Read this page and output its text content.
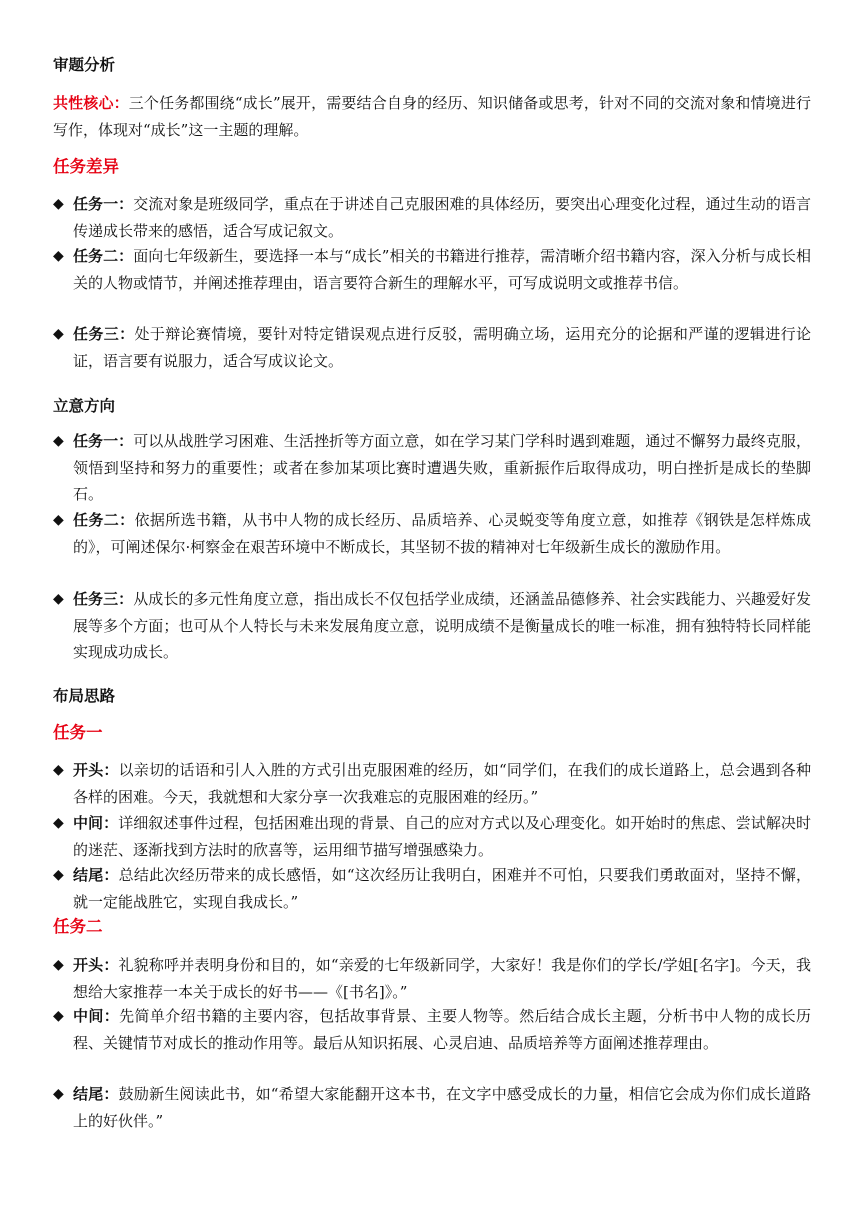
审题分析
共性核心：三个任务都围绕“成长”展开，需要结合自身的经历、知识储备或思考，针对不同的交流对象和情境进行写作，体现对“成长”这一主题的理解。
任务差异
◆ 任务一：交流对象是班级同学，重点在于讲述自己克服困难的具体经历，要突出心理变化过程，通过生动的语言传递成长带来的感悟，适合写成记叙文。
◆ 任务二：面向七年级新生，要选择一本与“成长”相关的书籍进行推荐，需清晰介绍书籍内容，深入分析与成长相关的人物或情节，并阐述推荐理由，语言要符合新生的理解水平，可写成说明文或推荐书信。
◆ 任务三：处于辩论赛情境，要针对特定错误观点进行反驳，需明确立场，运用充分的论据和严谨的逻辑进行论证，语言要有说服力，适合写成议论文。
立意方向
◆ 任务一：可以从战胜学习困难、生活挫折等方面立意，如在学习某门学科时遇到难题，通过不懈努力最终克服，领悟到坚持和努力的重要性；或者在参加某项比赛时遭遇失败，重新振作后取得成功，明白挫折是成长的垫脚石。
◆ 任务二：依据所选书籍，从书中人物的成长经历、品质培养、心灵蜕变等角度立意，如推荐《钢铁是怎样炼成的》，可阐述保尔·柯察金在艰苦环境中不断成长，其坚韧不拔的精神对七年级新生成长的激励作用。
◆ 任务三：从成长的多元性角度立意，指出成长不仅包括学业成绩，还涵盖品德修养、社会实践能力、兴趣爱好发展等多个方面；也可从个人特长与未来发展角度立意，说明成绩不是衡量成长的唯一标准，拥有独特特长同样能实现成功成长。
布局思路
任务一
◆ 开头：以亲切的话语和引人入胜的方式引出克服困难的经历，如“同学们，在我们的成长道路上，总会遇到各种各样的困难。今天，我就想和大家分享一次我难忘的克服困难的经历。”
◆ 中间：详细叙述事件过程，包括困难出现的背景、自己的应对方式以及心理变化。如开始时的焦虑、尝试解决时的迷茫、逐渐找到方法时的欣喜等，运用细节描写增强感染力。
◆ 结尾：总结此次经历带来的成长感悟，如“这次经历让我明白，困难并不可怕，只要我们勇敢面对，坚持不懈，就一定能战胜它，实现自我成长。”
任务二
◆ 开头：礼貌称呼并表明身份和目的，如“亲爱的七年级新同学，大家好！我是你们的学长/学姐[名字]。今天，我想给大家推荐一本关于成长的好书——《[书名]》。”
◆ 中间：先简单介绍书籍的主要内容，包括故事背景、主要人物等。然后结合成长主题，分析书中人物的成长历程、关键情节对成长的推动作用等。最后从知识拓展、心灵启迪、品质培养等方面阐述推荐理由。
◆ 结尾：鼓励新生阅读此书，如“希望大家能翻开这本书，在文字中感受成长的力量，相信它会成为你们成长道路上的好伙伴。”
